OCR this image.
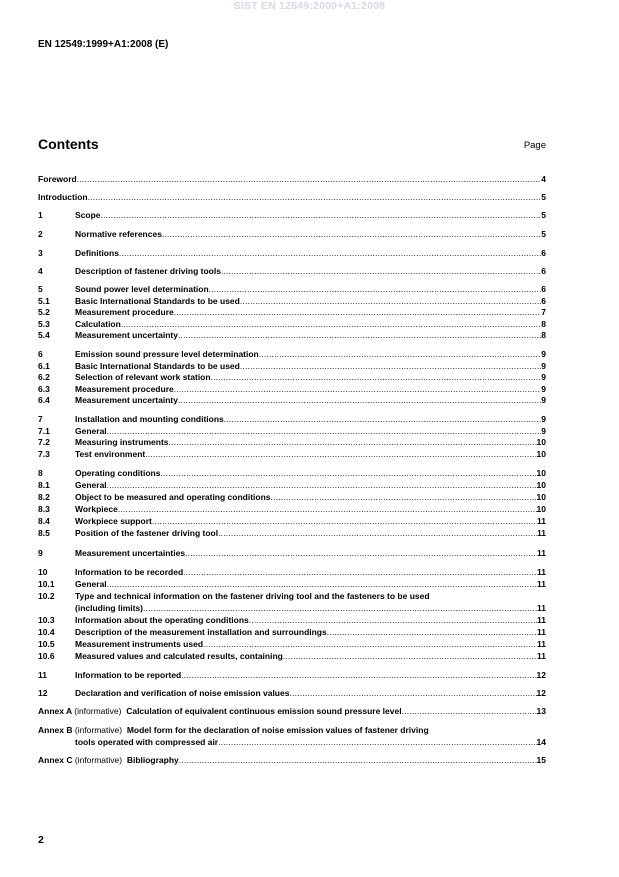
SIST EN 12549:2000+A1:2008
EN 12549:1999+A1:2008 (E)
Contents	Page
Foreword .....	4
Introduction .....	5
1	Scope .....	5
2	Normative references .....	5
3	Definitions .....	6
4	Description of fastener driving tools .....	6
5	Sound power level determination .....	6
5.1	Basic International Standards to be used .....	6
5.2	Measurement procedure .....	7
5.3	Calculation .....	8
5.4	Measurement uncertainty .....	8
6	Emission sound pressure level determination .....	9
6.1	Basic International Standards to be used .....	9
6.2	Selection of relevant work station .....	9
6.3	Measurement procedure .....	9
6.4	Measurement uncertainty .....	9
7	Installation and mounting conditions .....	9
7.1	General .....	9
7.2	Measuring instruments .....	10
7.3	Test environment .....	10
8	Operating conditions .....	10
8.1	General .....	10
8.2	Object to be measured and operating conditions .....	10
8.3	Workpiece .....	10
8.4	Workpiece support .....	11
8.5	Position of the fastener driving tool .....	11
9	Measurement uncertainties .....	11
10	Information to be recorded .....	11
10.1 General .....	11
10.2 Type and technical information on the fastener driving tool and the fasteners to be used
(including limits) .....	11
10.3 Information about the operating conditions .....	11
10.4 Description of the measurement installation and surroundings .....	11
10.5 Measurement instruments used .....	11
10.6 Measured values and calculated results, containing .....	11
11	Information to be reported .....	12
12	Declaration and verification of noise emission values .....	12
Annex A (informative) Calculation of equivalent continuous emission sound pressure level .....	13
Annex B (informative) Model form for the declaration of noise emission values of fastener driving
tools operated with compressed air .....	14
Annex C (informative) Bibliography .....	15
2
